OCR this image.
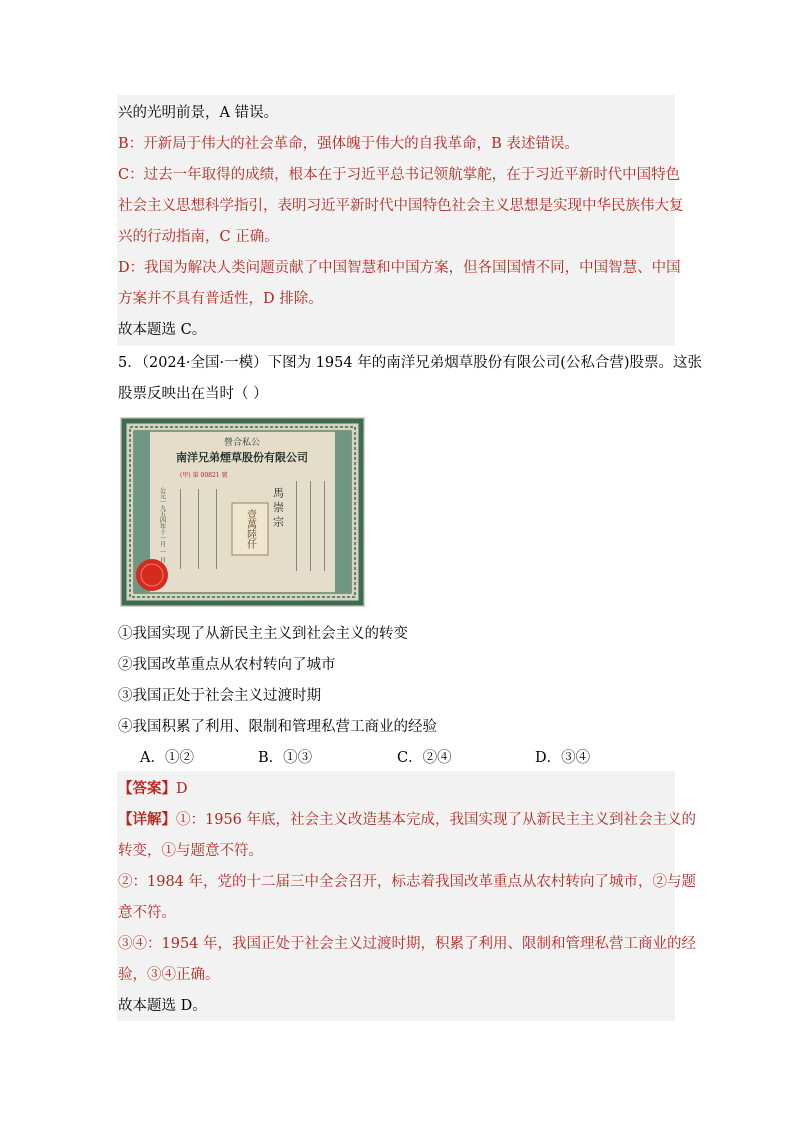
兴的光明前景，A 错误。
B：开新局于伟大的社会革命，强体魄于伟大的自我革命，B 表述错误。
C：过去一年取得的成绩，根本在于习近平总书记领航掌舵，在于习近平新时代中国特色
社会主义思想科学指引，表明习近平新时代中国特色社会主义思想是实现中华民族伟大复
兴的行动指南，C 正确。
D：我国为解决人类问题贡献了中国智慧和中国方案，但各国国情不同，中国智慧、中国
方案并不具有普适性，D 排除。
故本题选 C。
5．（2024·全国·一模）下图为 1954 年的南洋兄弟烟草股份有限公司(公私合营)股票。这张
股票反映出在当时（ ）
營合私公
南洋兄弟煙草股份有限公司
(甲) 第 00821 號
公元一九五四年十一月 一 日	壹萬陸仟
馬 崇 宗
①我国实现了从新民主主义到社会主义的转变
②我国改革重点从农村转向了城市
③我国正处于社会主义过渡时期
④我国积累了利用、限制和管理私营工商业的经验
A．①②	B．①③	C．②④	D．③④
【答案】D
【详解】①：1956 年底，社会主义改造基本完成，我国实现了从新民主主义到社会主义的
转变，①与题意不符。
②：1984 年，党的十二届三中全会召开，标志着我国改革重点从农村转向了城市，②与题
意不符。
③④：1954 年，我国正处于社会主义过渡时期，积累了利用、限制和管理私营工商业的经
验，③④正确。
故本题选 D。
